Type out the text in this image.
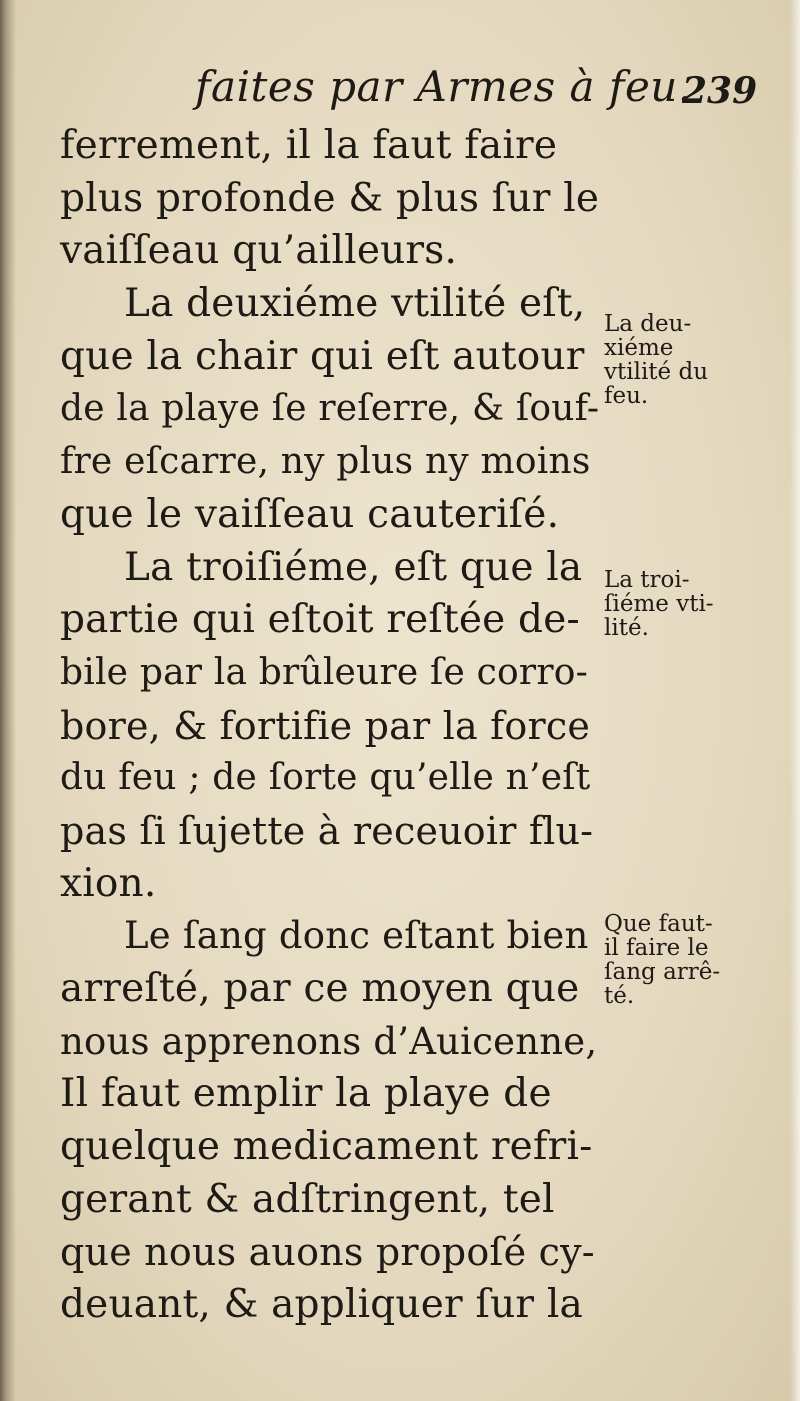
faites par Armes à feu.
239
ferrement, il la faut faire
plus profonde & plus ſur le
vaiſſeau qu’ailleurs.
La deuxiéme vtilité eſt,
que la chair qui eſt autour
de la playe ſe reſerre, & ſouf-
fre eſcarre, ny plus ny moins
que le vaiſſeau cauteriſé.
La troiſiéme, eſt que la
partie qui eſtoit reſtée de-
bile par la brûleure ſe corro-
bore, & fortifie par la force
du feu ; de ſorte qu’elle n’eſt
pas ſi ſujette à receuoir flu-
xion.
Le ſang donc eſtant bien
arreſté, par ce moyen que
nous apprenons d’Auicenne,
Il faut emplir la playe de
quelque medicament refri-
gerant & adſtringent, tel
que nous auons propoſé cy-
deuant, & appliquer ſur la
La deu-
xiéme
vtilité du
feu.
La troi-
ſiéme vti-
lité.
Que faut-
il faire le
ſang arrê-
té.
